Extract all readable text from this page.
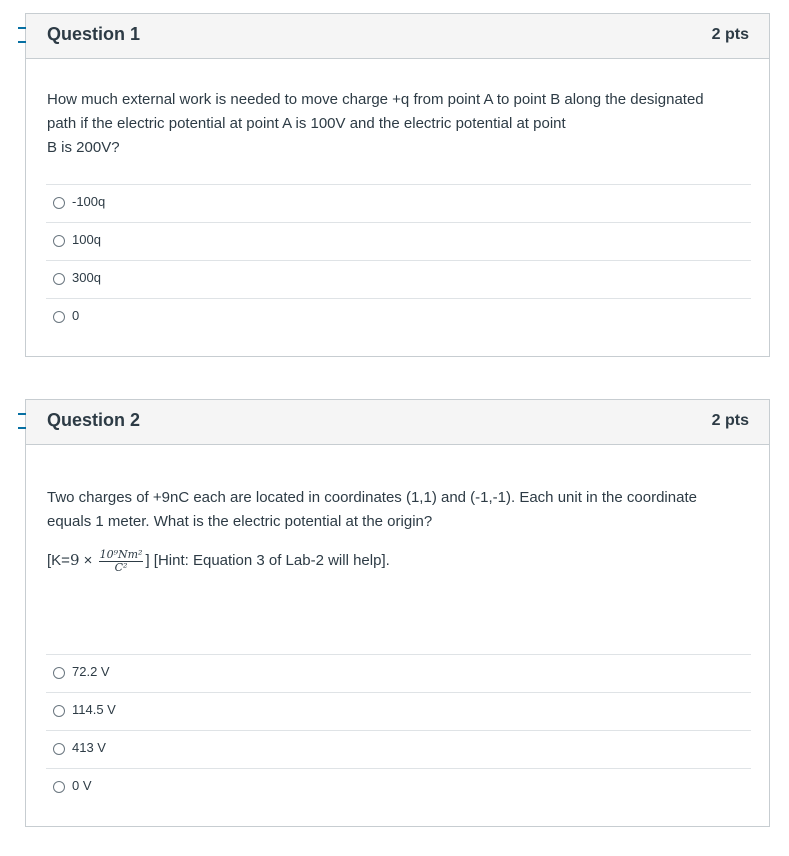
Question 1	2 pts
How much external work is needed to move charge +q from point A to point B along the designated
path if the electric potential at point A is 100V and the electric potential at point
B is 200V?
-100q
100q
300q
0
Question 2	2 pts
Two charges of +9nC each are located in coordinates (1,1) and (-1,-1). Each unit in the coordinate
equals 1 meter. What is the electric potential at the origin?
[$K=9 \times \frac{\text{10⁹Nm²}}{\text{C²}}$ ] [Hint: Equation 3 of Lab-2 will help].
72.2 V
114.5 V
413 V
0 V
